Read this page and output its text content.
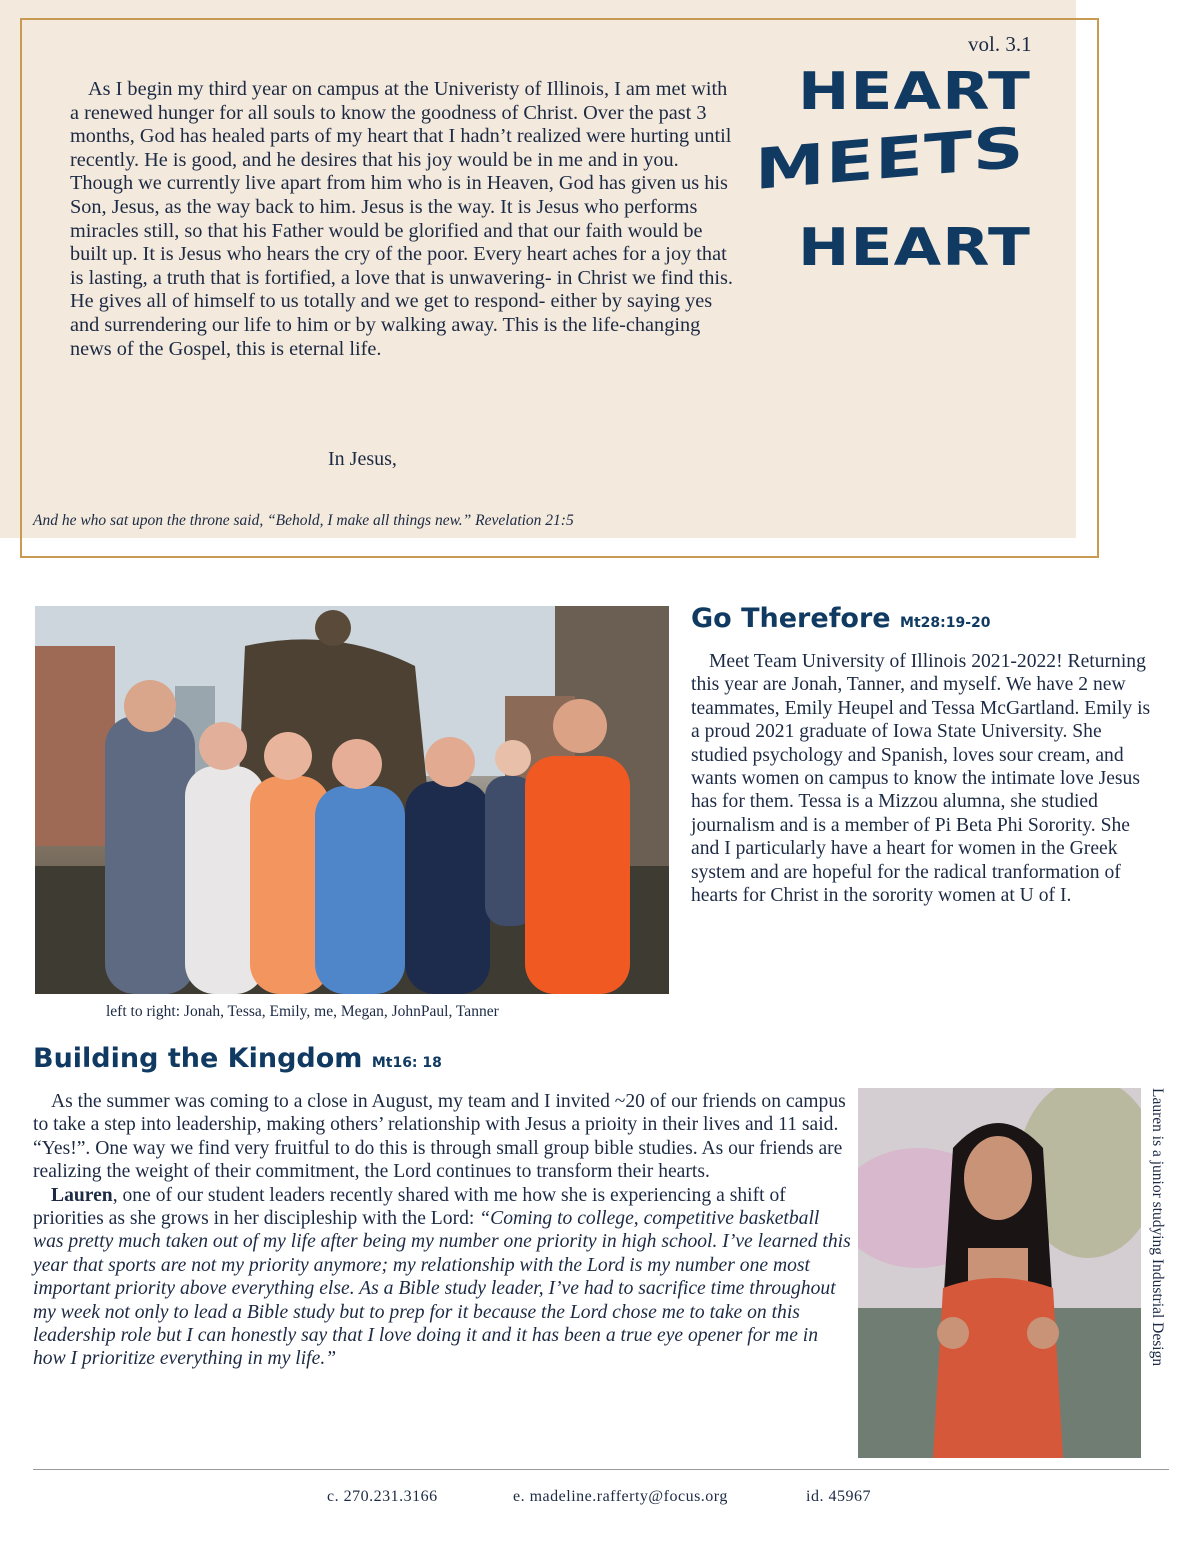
vol. 3.1
HEART
MEETS
HEART

As I begin my third year on campus at the Univeristy of Illinois, I am met with a renewed hunger for all souls to know the goodness of Christ. Over the past 3 months, God has healed parts of my heart that I hadn’t realized were hurting until recently. He is good, and he desires that his joy would be in me and in you. Though we currently live apart from him who is in Heaven, God has given us his Son, Jesus, as the way back to him. Jesus is the way. It is Jesus who performs miracles still, so that his Father would be glorified and that our faith would be built up. It is Jesus who hears the cry of the poor. Every heart aches for a joy that is lasting, a truth that is fortified, a love that is unwavering- in Christ we find this. He gives all of himself to us totally and we get to respond- either by saying yes and surrendering our life to him or by walking away. This is the life-changing news of the Gospel, this is eternal life.

In Jesus,
And he who sat upon the throne said, “Behold, I make all things new.” Revelation 21:5
left to right: Jonah, Tessa, Emily, me, Megan, JohnPaul, Tanner
Go Therefore Mt28:19-20

Meet Team University of Illinois 2021-2022! Returning this year are Jonah, Tanner, and myself. We have 2 new teammates, Emily Heupel and Tessa McGartland. Emily is a proud 2021 graduate of Iowa State University. She studied psychology and Spanish, loves sour cream, and wants women on campus to know the intimate love Jesus has for them. Tessa is a Mizzou alumna, she studied journalism and is a member of Pi Beta Phi Sorority. She and I particularly have a heart for women in the Greek system and are hopeful for the radical tranformation of hearts for Christ in the sorority women at U of I.

Building the Kingdom Mt16: 18

As the summer was coming to a close in August, my team and I invited ~20 of our friends on campus to take a step into leadership, making others’ relationship with Jesus a prioity in their lives and 11 said. “Yes!”. One way we find very fruitful to do this is through small group bible studies. As our friends are realizing the weight of their commitment, the Lord continues to transform their hearts.
Lauren, one of our student leaders recently shared with me how she is experiencing a shift of priorities as she grows in her discipleship with the Lord: “Coming to college, competitive basketball was pretty much taken out of my life after being my number one priority in high school. I’ve learned this year that sports are not my priority anymore; my relationship with the Lord is my number one most important priority above everything else. As a Bible study leader, I’ve had to sacrifice time throughout my week not only to lead a Bible study but to prep for it because the Lord chose me to take on this leadership role but I can honestly say that I love doing it and it has been a true eye opener for me in how I prioritize everything in my life.”	Lauren is a junior studying Industrial Design
c. 270.231.3166	e. madeline.rafferty@focus.org	id. 45967
